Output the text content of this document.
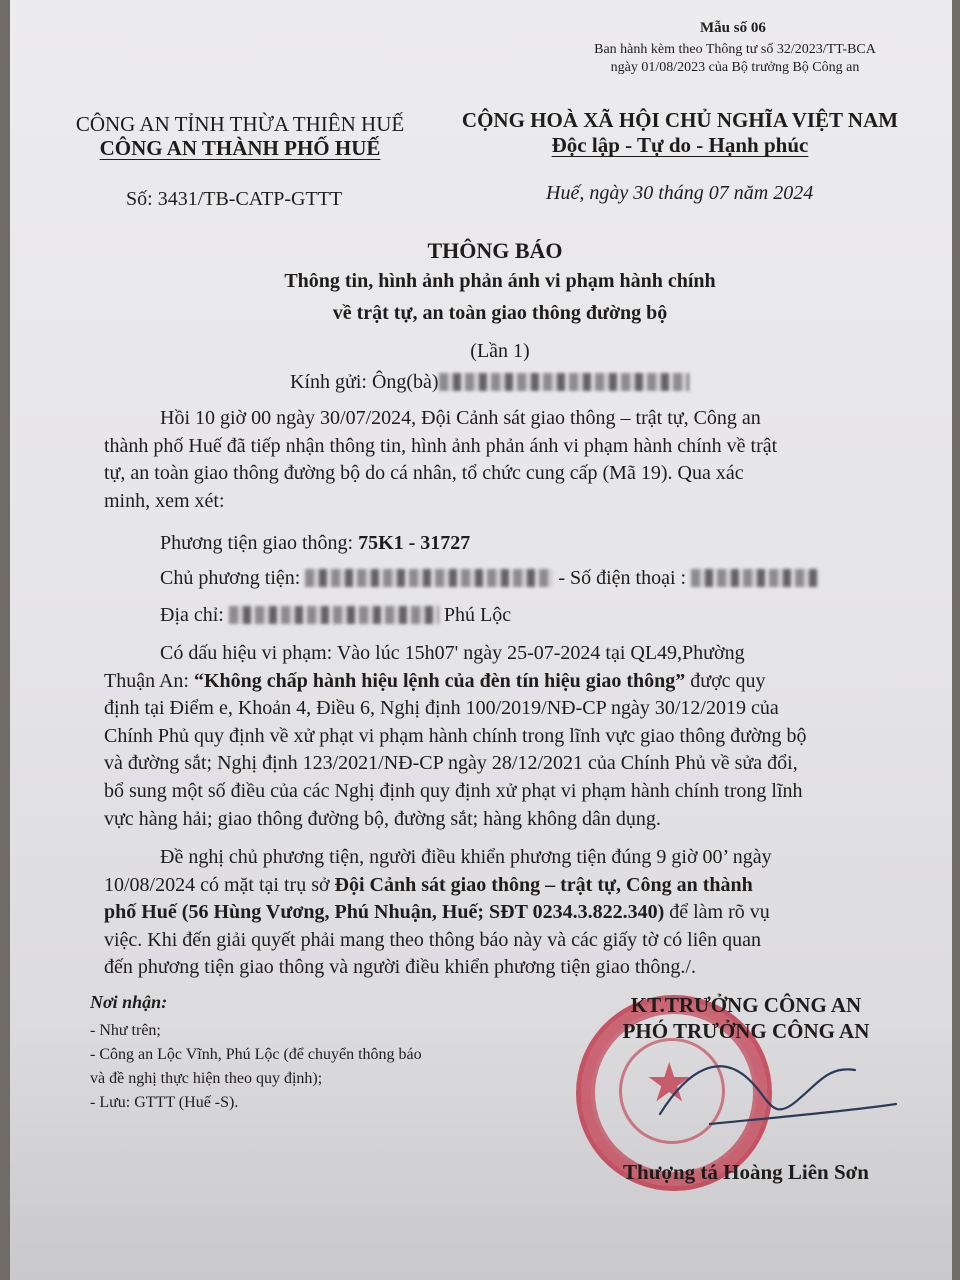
Mẫu số 06
Ban hành kèm theo Thông tư số 32/2023/TT-BCA
ngày 01/08/2023 của Bộ trưởng Bộ Công an
CÔNG AN TỈNH THỪA THIÊN HUẾ
CÔNG AN THÀNH PHỐ HUẾ
Số: 3431/TB-CATP-GTTT
CỘNG HOÀ XÃ HỘI CHỦ NGHĨA VIỆT NAM
Độc lập - Tự do - Hạnh phúc
Huế, ngày 30 tháng 07 năm 2024
THÔNG BÁO
Thông tin, hình ảnh phản ánh vi phạm hành chính
về trật tự, an toàn giao thông đường bộ
(Lần 1)
Kính gửi: Ông(bà)
Hồi 10 giờ 00 ngày 30/07/2024, Đội Cảnh sát giao thông – trật tự, Công an
thành phố Huế đã tiếp nhận thông tin, hình ảnh phản ánh vi phạm hành chính về trật
tự, an toàn giao thông đường bộ do cá nhân, tổ chức cung cấp (Mã 19). Qua xác
minh, xem xét:
Phương tiện giao thông: 75K1 - 31727
Chủ phương tiện:	- Số điện thoại :
Địa chỉ:	Phú Lộc
Có dấu hiệu vi phạm: Vào lúc 15h07' ngày 25-07-2024 tại QL49,Phường
Thuận An: “Không chấp hành hiệu lệnh của đèn tín hiệu giao thông” được quy
định tại Điểm e, Khoản 4, Điều 6, Nghị định 100/2019/NĐ-CP ngày 30/12/2019 của
Chính Phủ quy định về xử phạt vi phạm hành chính trong lĩnh vực giao thông đường bộ
và đường sắt; Nghị định 123/2021/NĐ-CP ngày 28/12/2021 của Chính Phủ về sửa đổi,
bổ sung một số điều của các Nghị định quy định xử phạt vi phạm hành chính trong lĩnh
vực hàng hải; giao thông đường bộ, đường sắt; hàng không dân dụng.
Đề nghị chủ phương tiện, người điều khiển phương tiện đúng 9 giờ 00’ ngày
10/08/2024 có mặt tại trụ sở Đội Cảnh sát giao thông – trật tự, Công an thành
phố Huế (56 Hùng Vương, Phú Nhuận, Huế; SĐT 0234.3.822.340) để làm rõ vụ
việc. Khi đến giải quyết phải mang theo thông báo này và các giấy tờ có liên quan
đến phương tiện giao thông và người điều khiển phương tiện giao thông./.
Nơi nhận:
- Như trên;
- Công an Lộc Vĩnh, Phú Lộc (để chuyển thông báo
và đề nghị thực hiện theo quy định);
- Lưu: GTTT (Huế -S).	★
KT.TRƯỞNG CÔNG AN
PHÓ TRƯỞNG CÔNG AN
Thượng tá Hoàng Liên Sơn
